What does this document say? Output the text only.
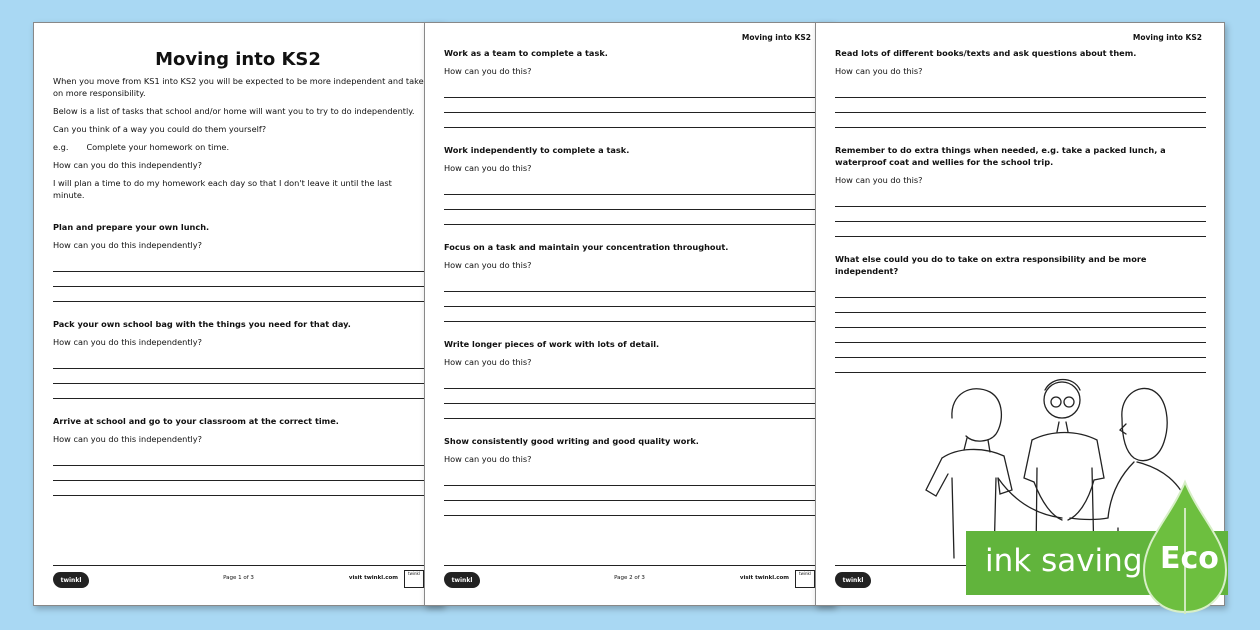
Moving into KS2
When you move from KS1 into KS2 you will be expected to be more independent and take on more responsibility.
Below is a list of tasks that school and/or home will want you to try to do independently.
Can you think of a way you could do them yourself?
e.g. Complete your homework on time.
How can you do this independently?
I will plan a time to do my homework each day so that I don't leave it until the last minute.
Plan and prepare your own lunch.
How can you do this independently?
Pack your own school bag with the things you need for that day.
How can you do this independently?
Arrive at school and go to your classroom at the correct time.
How can you do this independently?
twinkl	Page 1 of 3	visit twinkl.com
twinkl
Moving into KS2
Work as a team to complete a task.
How can you do this?
Work independently to complete a task.
How can you do this?
Focus on a task and maintain your concentration throughout.
How can you do this?
Write longer pieces of work with lots of detail.
How can you do this?
Show consistently good writing and good quality work.
How can you do this?
twinkl	Page 2 of 3	visit twinkl.com
twinkl
Moving into KS2
Read lots of different books/texts and ask questions about them.
How can you do this?
Remember to do extra things when needed, e.g. take a packed lunch, a waterproof coat and wellies for the school trip.
How can you do this?
What else could you do to take on extra responsibility and be more independent?
twinkl
ink saving Eco
